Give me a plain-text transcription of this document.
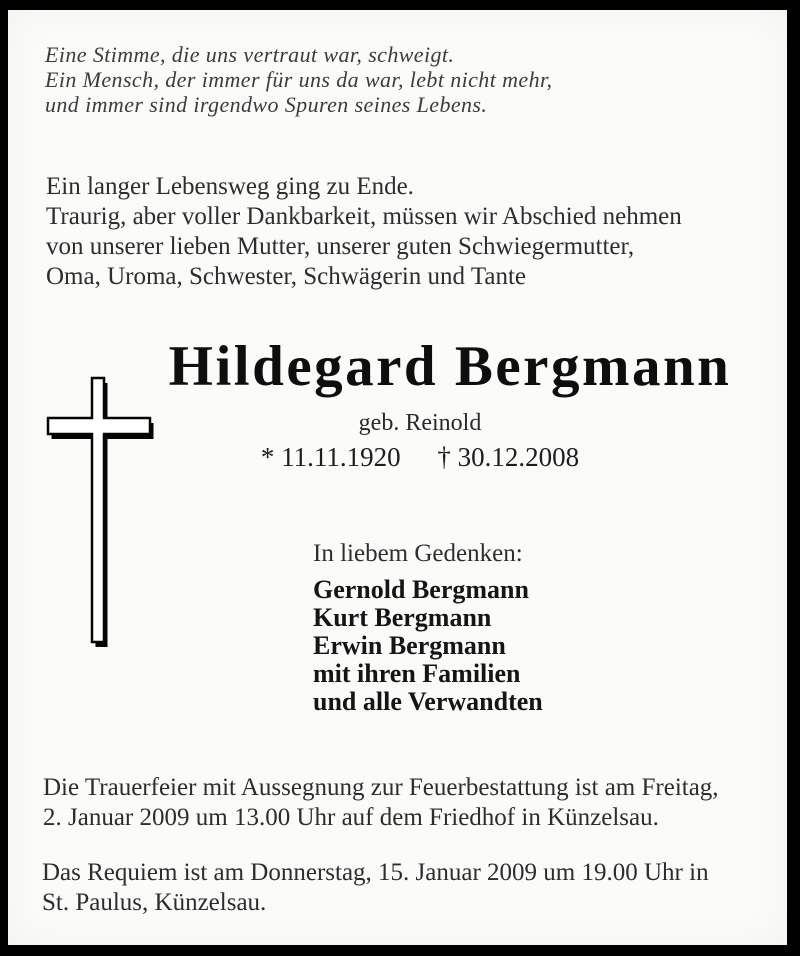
Eine Stimme, die uns vertraut war, schweigt.
Ein Mensch, der immer für uns da war, lebt nicht mehr,
und immer sind irgendwo Spuren seines Lebens.
Ein langer Lebensweg ging zu Ende.
Traurig, aber voller Dankbarkeit, müssen wir Abschied nehmen
von unserer lieben Mutter, unserer guten Schwiegermutter,
Oma, Uroma, Schwester, Schwägerin und Tante
Hildegard Bergmann
geb. Reinold
* 11.11.1920 † 30.12.2008
In liebem Gedenken:
Gernold Bergmann
Kurt Bergmann
Erwin Bergmann
mit ihren Familien
und alle Verwandten
Die Trauerfeier mit Aussegnung zur Feuerbestattung ist am Freitag,
2. Januar 2009 um 13.00 Uhr auf dem Friedhof in Künzelsau.
Das Requiem ist am Donnerstag, 15. Januar 2009 um 19.00 Uhr in
St. Paulus, Künzelsau.
